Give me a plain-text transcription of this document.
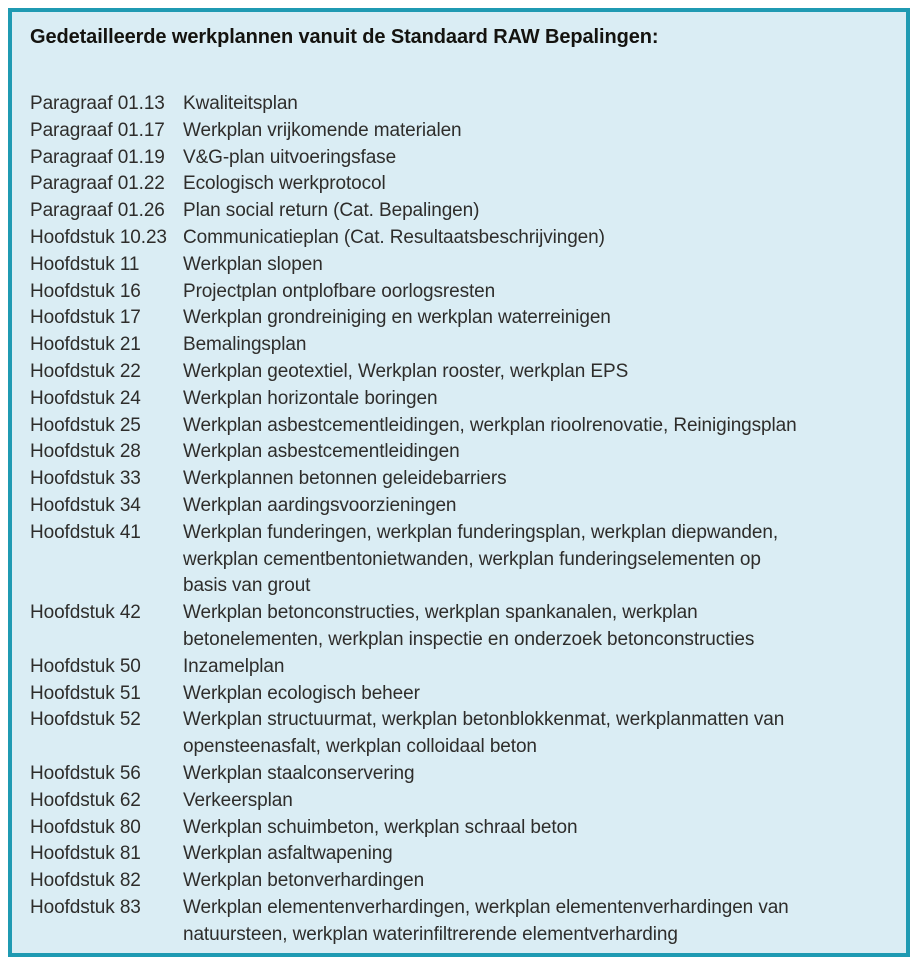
Gedetailleerde werkplannen vanuit de Standaard RAW Bepalingen:
Paragraaf 01.13 Kwaliteitsplan
Paragraaf 01.17 Werkplan vrijkomende materialen
Paragraaf 01.19 V&G-plan uitvoeringsfase
Paragraaf 01.22 Ecologisch werkprotocol
Paragraaf 01.26 Plan social return (Cat. Bepalingen)
Hoofdstuk 10.23 Communicatieplan (Cat. Resultaatsbeschrijvingen)
Hoofdstuk 11	Werkplan slopen
Hoofdstuk 16	Projectplan ontplofbare oorlogsresten
Hoofdstuk 17	Werkplan grondreiniging en werkplan waterreinigen
Hoofdstuk 21	Bemalingsplan
Hoofdstuk 22	Werkplan geotextiel, Werkplan rooster, werkplan EPS
Hoofdstuk 24	Werkplan horizontale boringen
Hoofdstuk 25	Werkplan asbestcementleidingen, werkplan rioolrenovatie, Reinigingsplan
Hoofdstuk 28	Werkplan asbestcementleidingen
Hoofdstuk 33	Werkplannen betonnen geleidebarriers
Hoofdstuk 34	Werkplan aardingsvoorzieningen
Hoofdstuk 41	Werkplan funderingen, werkplan funderingsplan, werkplan diepwanden,
werkplan cementbentonietwanden, werkplan funderingselementen op
basis van grout
Hoofdstuk 42	Werkplan betonconstructies, werkplan spankanalen, werkplan
betonelementen, werkplan inspectie en onderzoek betonconstructies
Hoofdstuk 50	Inzamelplan
Hoofdstuk 51	Werkplan ecologisch beheer
Hoofdstuk 52	Werkplan structuurmat, werkplan betonblokkenmat, werkplanmatten van
opensteenasfalt, werkplan colloidaal beton
Hoofdstuk 56	Werkplan staalconservering
Hoofdstuk 62	Verkeersplan
Hoofdstuk 80	Werkplan schuimbeton, werkplan schraal beton
Hoofdstuk 81	Werkplan asfaltwapening
Hoofdstuk 82	Werkplan betonverhardingen
Hoofdstuk 83	Werkplan elementenverhardingen, werkplan elementenverhardingen van
natuursteen, werkplan waterinfiltrerende elementverharding
